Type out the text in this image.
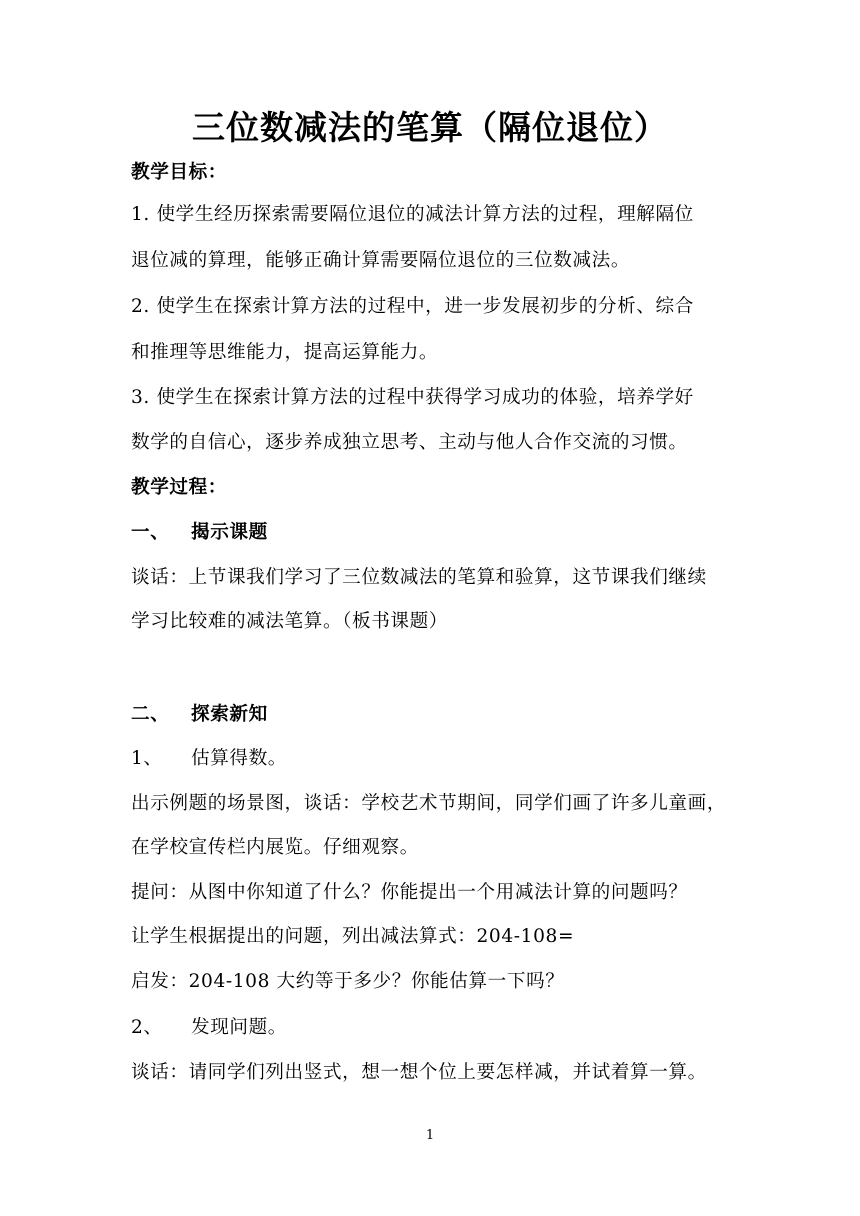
三位数减法的笔算（隔位退位）
教学目标：
1. 使学生经历探索需要隔位退位的减法计算方法的过程，理解隔位
退位减的算理，能够正确计算需要隔位退位的三位数减法。
2. 使学生在探索计算方法的过程中，进一步发展初步的分析、综合
和推理等思维能力，提高运算能力。
3. 使学生在探索计算方法的过程中获得学习成功的体验，培养学好
数学的自信心，逐步养成独立思考、主动与他人合作交流的习惯。
教学过程：
一、 揭示课题
谈话：上节课我们学习了三位数减法的笔算和验算，这节课我们继续
学习比较难的减法笔算。（板书课题）
二、 探索新知
1、 估算得数。
出示例题的场景图，谈话：学校艺术节期间，同学们画了许多儿童画，
在学校宣传栏内展览。仔细观察。
提问：从图中你知道了什么？你能提出一个用减法计算的问题吗？
让学生根据提出的问题，列出减法算式：204-108=
启发：204-108 大约等于多少？你能估算一下吗？
2、 发现问题。
谈话：请同学们列出竖式，想一想个位上要怎样减，并试着算一算。
1
